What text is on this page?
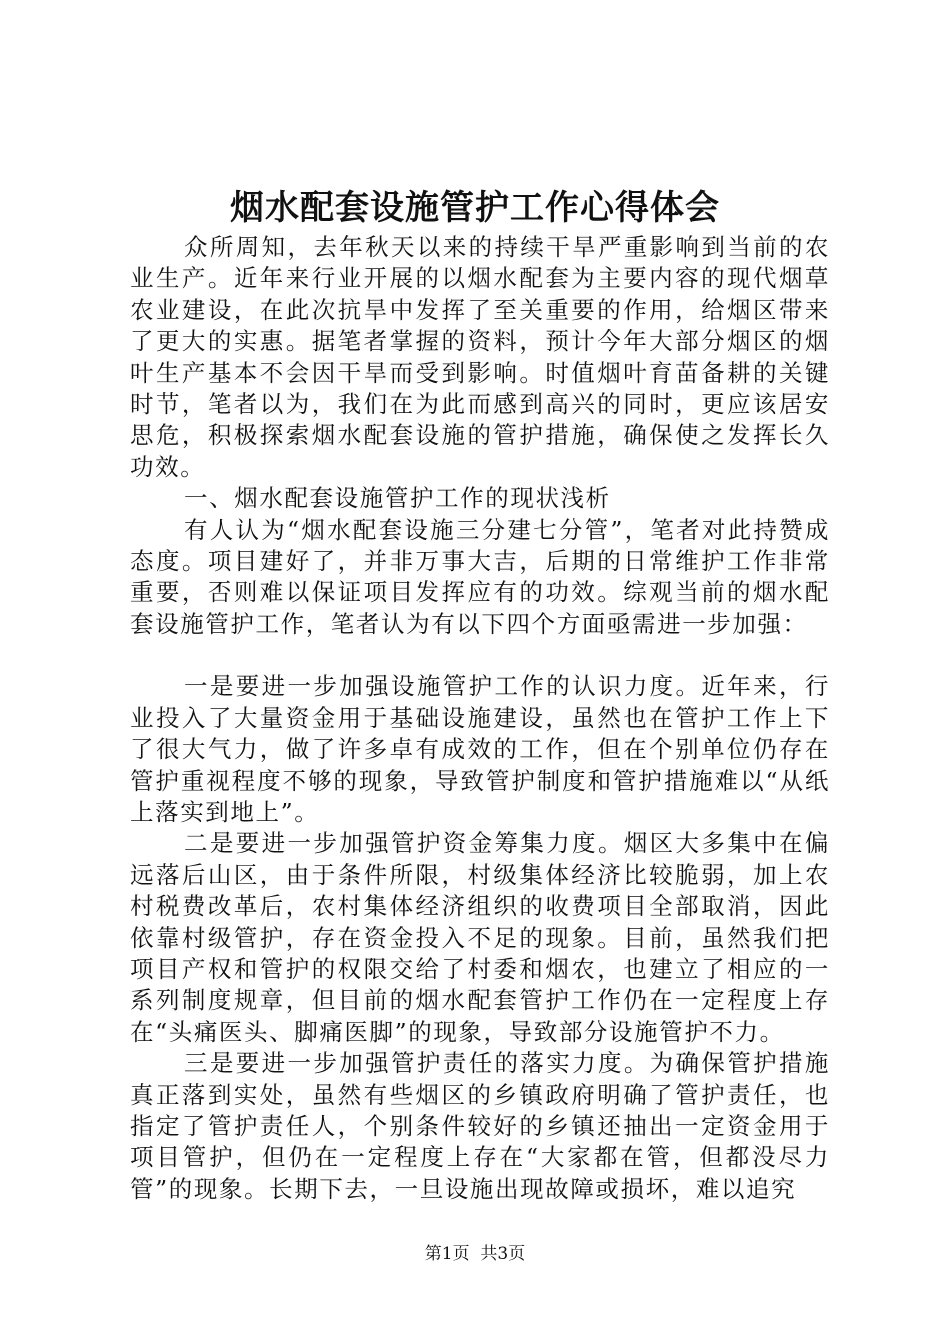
烟水配套设施管护工作心得体会

众所周知，去年秋天以来的持续干旱严重影响到当前的农业生产。近年来行业开展的以烟水配套为主要内容的现代烟草农业建设，在此次抗旱中发挥了至关重要的作用，给烟区带来了更大的实惠。据笔者掌握的资料，预计今年大部分烟区的烟叶生产基本不会因干旱而受到影响。时值烟叶育苗备耕的关键时节，笔者以为，我们在为此而感到高兴的同时，更应该居安思危，积极探索烟水配套设施的管护措施，确保使之发挥长久功效。

一、烟水配套设施管护工作的现状浅析

有人认为“烟水配套设施三分建七分管”，笔者对此持赞成态度。项目建好了，并非万事大吉，后期的日常维护工作非常重要，否则难以保证项目发挥应有的功效。综观当前的烟水配套设施管护工作，笔者认为有以下四个方面亟需进一步加强：

一是要进一步加强设施管护工作的认识力度。近年来，行业投入了大量资金用于基础设施建设，虽然也在管护工作上下了很大气力，做了许多卓有成效的工作，但在个别单位仍存在管护重视程度不够的现象，导致管护制度和管护措施难以“从纸上落实到地上”。

二是要进一步加强管护资金筹集力度。烟区大多集中在偏远落后山区，由于条件所限，村级集体经济比较脆弱，加上农村税费改革后，农村集体经济组织的收费项目全部取消，因此依靠村级管护，存在资金投入不足的现象。目前，虽然我们把项目产权和管护的权限交给了村委和烟农，也建立了相应的一系列制度规章，但目前的烟水配套管护工作仍在一定程度上存在“头痛医头、脚痛医脚”的现象，导致部分设施管护不力。

三是要进一步加强管护责任的落实力度。为确保管护措施真正落到实处，虽然有些烟区的乡镇政府明确了管护责任，也指定了管护责任人，个别条件较好的乡镇还抽出一定资金用于项目管护，但仍在一定程度上存在“大家都在管，但都没尽力管”的现象。长期下去，一旦设施出现故障或损坏，难以追究

第1页 共3页
